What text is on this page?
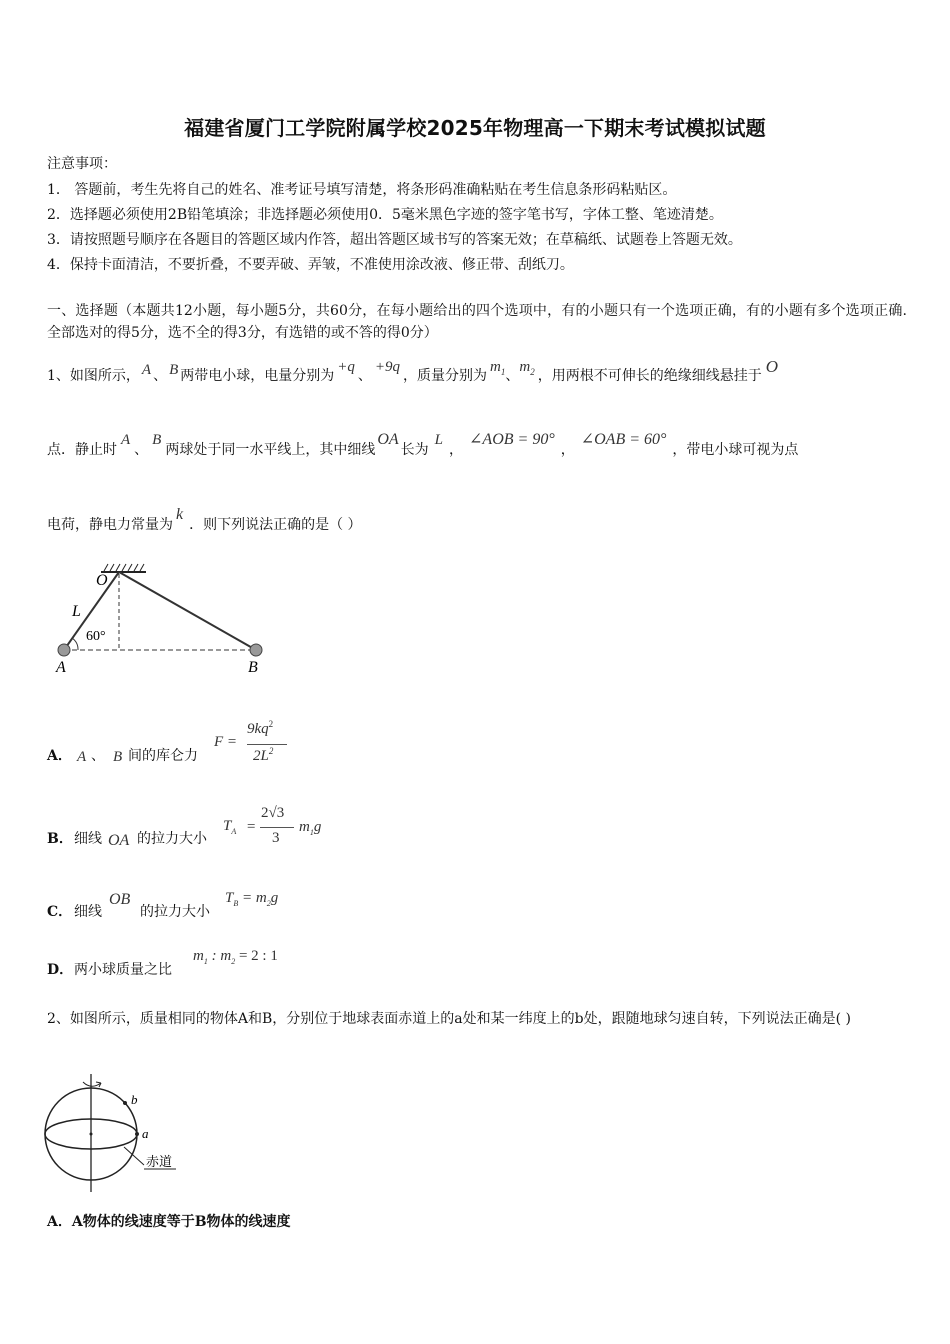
福建省厦门工学院附属学校2025年物理高一下期末考试模拟试题
注意事项：
1． 答题前，考生先将自己的姓名、准考证号填写清楚，将条形码准确粘贴在考生信息条形码粘贴区。
2．选择题必须使用2B铅笔填涂；非选择题必须使用0．5毫米黑色字迹的签字笔书写，字体工整、笔迹清楚。
3．请按照题号顺序在各题目的答题区域内作答，超出答题区域书写的答案无效；在草稿纸、试题卷上答题无效。
4．保持卡面清洁，不要折叠，不要弄破、弄皱，不准使用涂改液、修正带、刮纸刀。
一、选择题（本题共12小题，每小题5分，共60分，在每小题给出的四个选项中，有的小题只有一个选项正确，有的小题有多个选项正确.全部选对的得5分，选不全的得3分，有选错的或不答的得0分）
1、如图所示， A 、 B 两带电小球，电量分别为+q、+9q，质量分别为$m_1$、$m_2$ ，用两根不可伸长的绝缘细线悬挂于 O
点．静止时A、B两球处于同一水平线上，其中细线OA长为L，∠AOB = 90°，∠OAB = 60°，带电小球可视为点
电荷，静电力常量为k．则下列说法正确的是（ ）
O
L
60°
A	B
A． A 、 B 间的库仑力
F =
$9kq^2$
$2L^2$
B． 细线 OA 的拉力大小
$T_A$ =
2√3
3
$m_1g$
C． 细线
OB
的拉力大小
$T_B = m_2g$
D． 两小球质量之比
$m_1$ : $m_2 = 2$ : 1
2、如图所示，质量相同的物体A和B，分别位于地球表面赤道上的a处和某一纬度上的b处，跟随地球匀速自转，下列说法正确是( )
b
a
赤道
A．A物体的线速度等于B物体的线速度
